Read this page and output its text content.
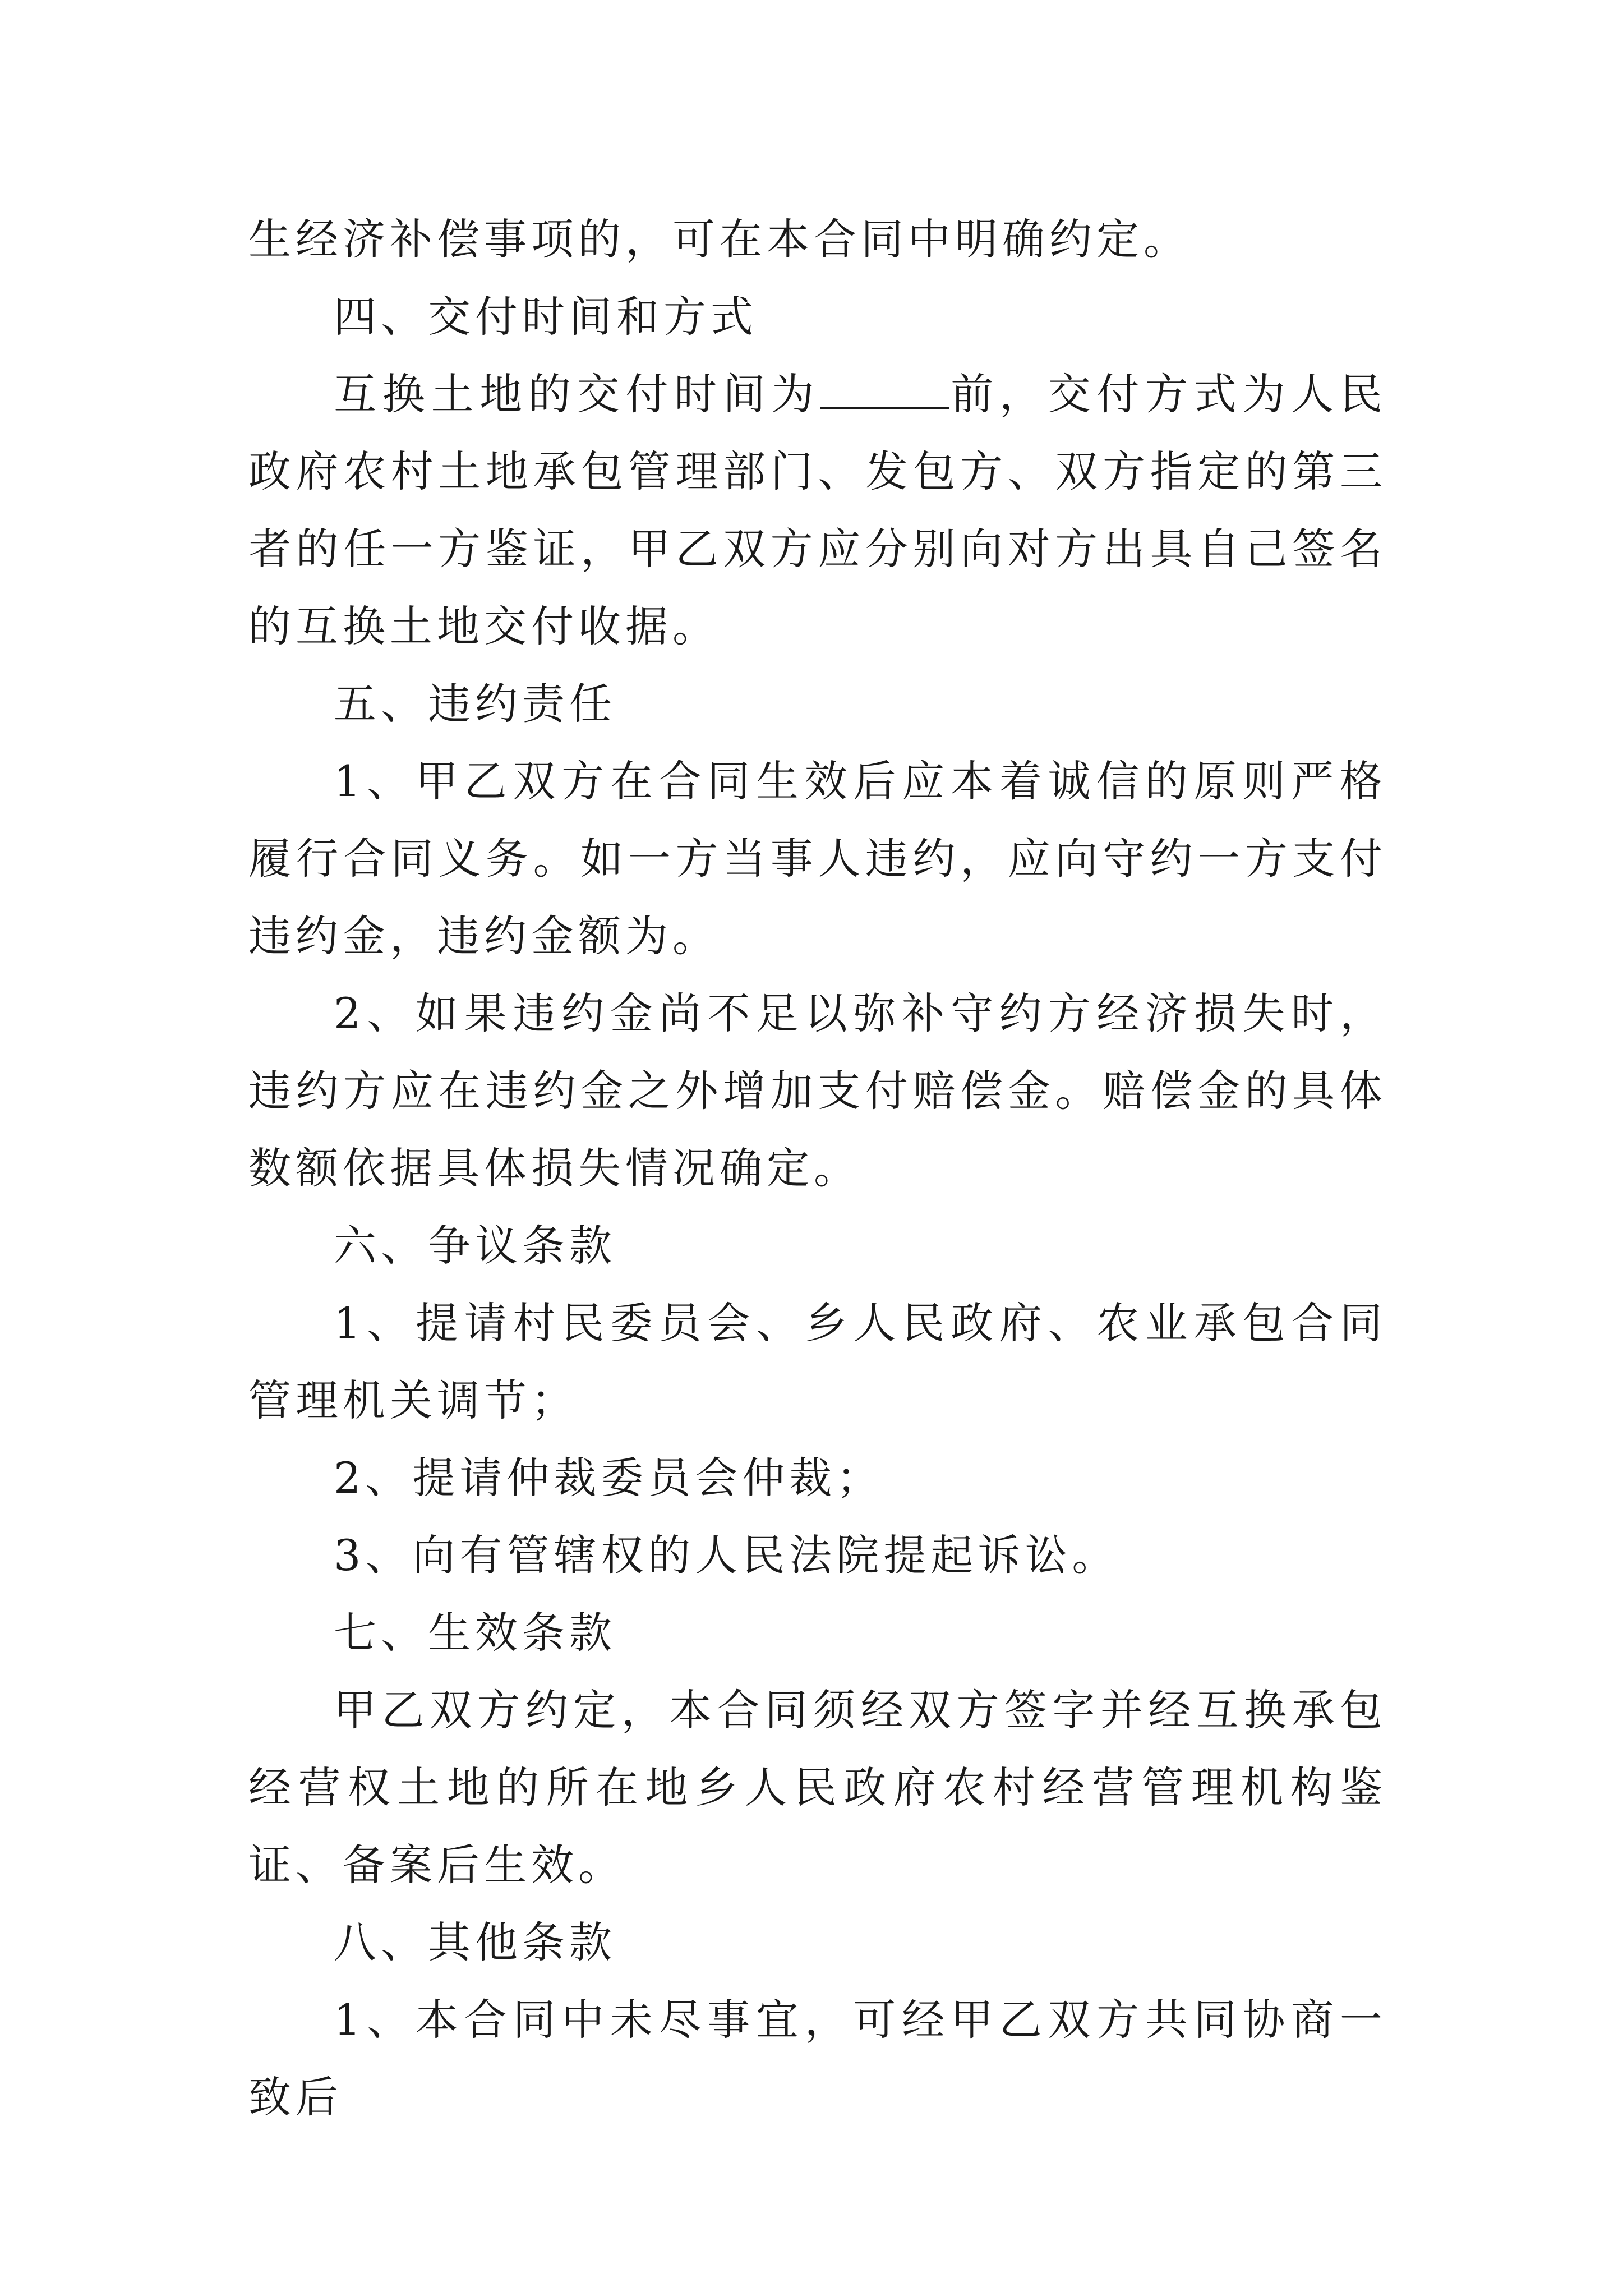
生经济补偿事项的，可在本合同中明确约定。

四、交付时间和方式

互换土地的交付时间为	前，交付方式为人民政府农村土地承包管理部门、发包方、双方指定的第三者的任一方鉴证，甲乙双方应分别向对方出具自己签名的互换土地交付收据。

五、违约责任

1、甲乙双方在合同生效后应本着诚信的原则严格履行合同义务。如一方当事人违约，应向守约一方支付违约金，违约金额为。

2、如果违约金尚不足以弥补守约方经济损失时，违约方应在违约金之外增加支付赔偿金。赔偿金的具体数额依据具体损失情况确定。

六、争议条款

1、提请村民委员会、乡人民政府、农业承包合同管理机关调节；

2、提请仲裁委员会仲裁；

3、向有管辖权的人民法院提起诉讼。

七、生效条款

甲乙双方约定，本合同须经双方签字并经互换承包经营权土地的所在地乡人民政府农村经营管理机构鉴证、备案后生效。

八、其他条款

1、本合同中未尽事宜，可经甲乙双方共同协商一致后
